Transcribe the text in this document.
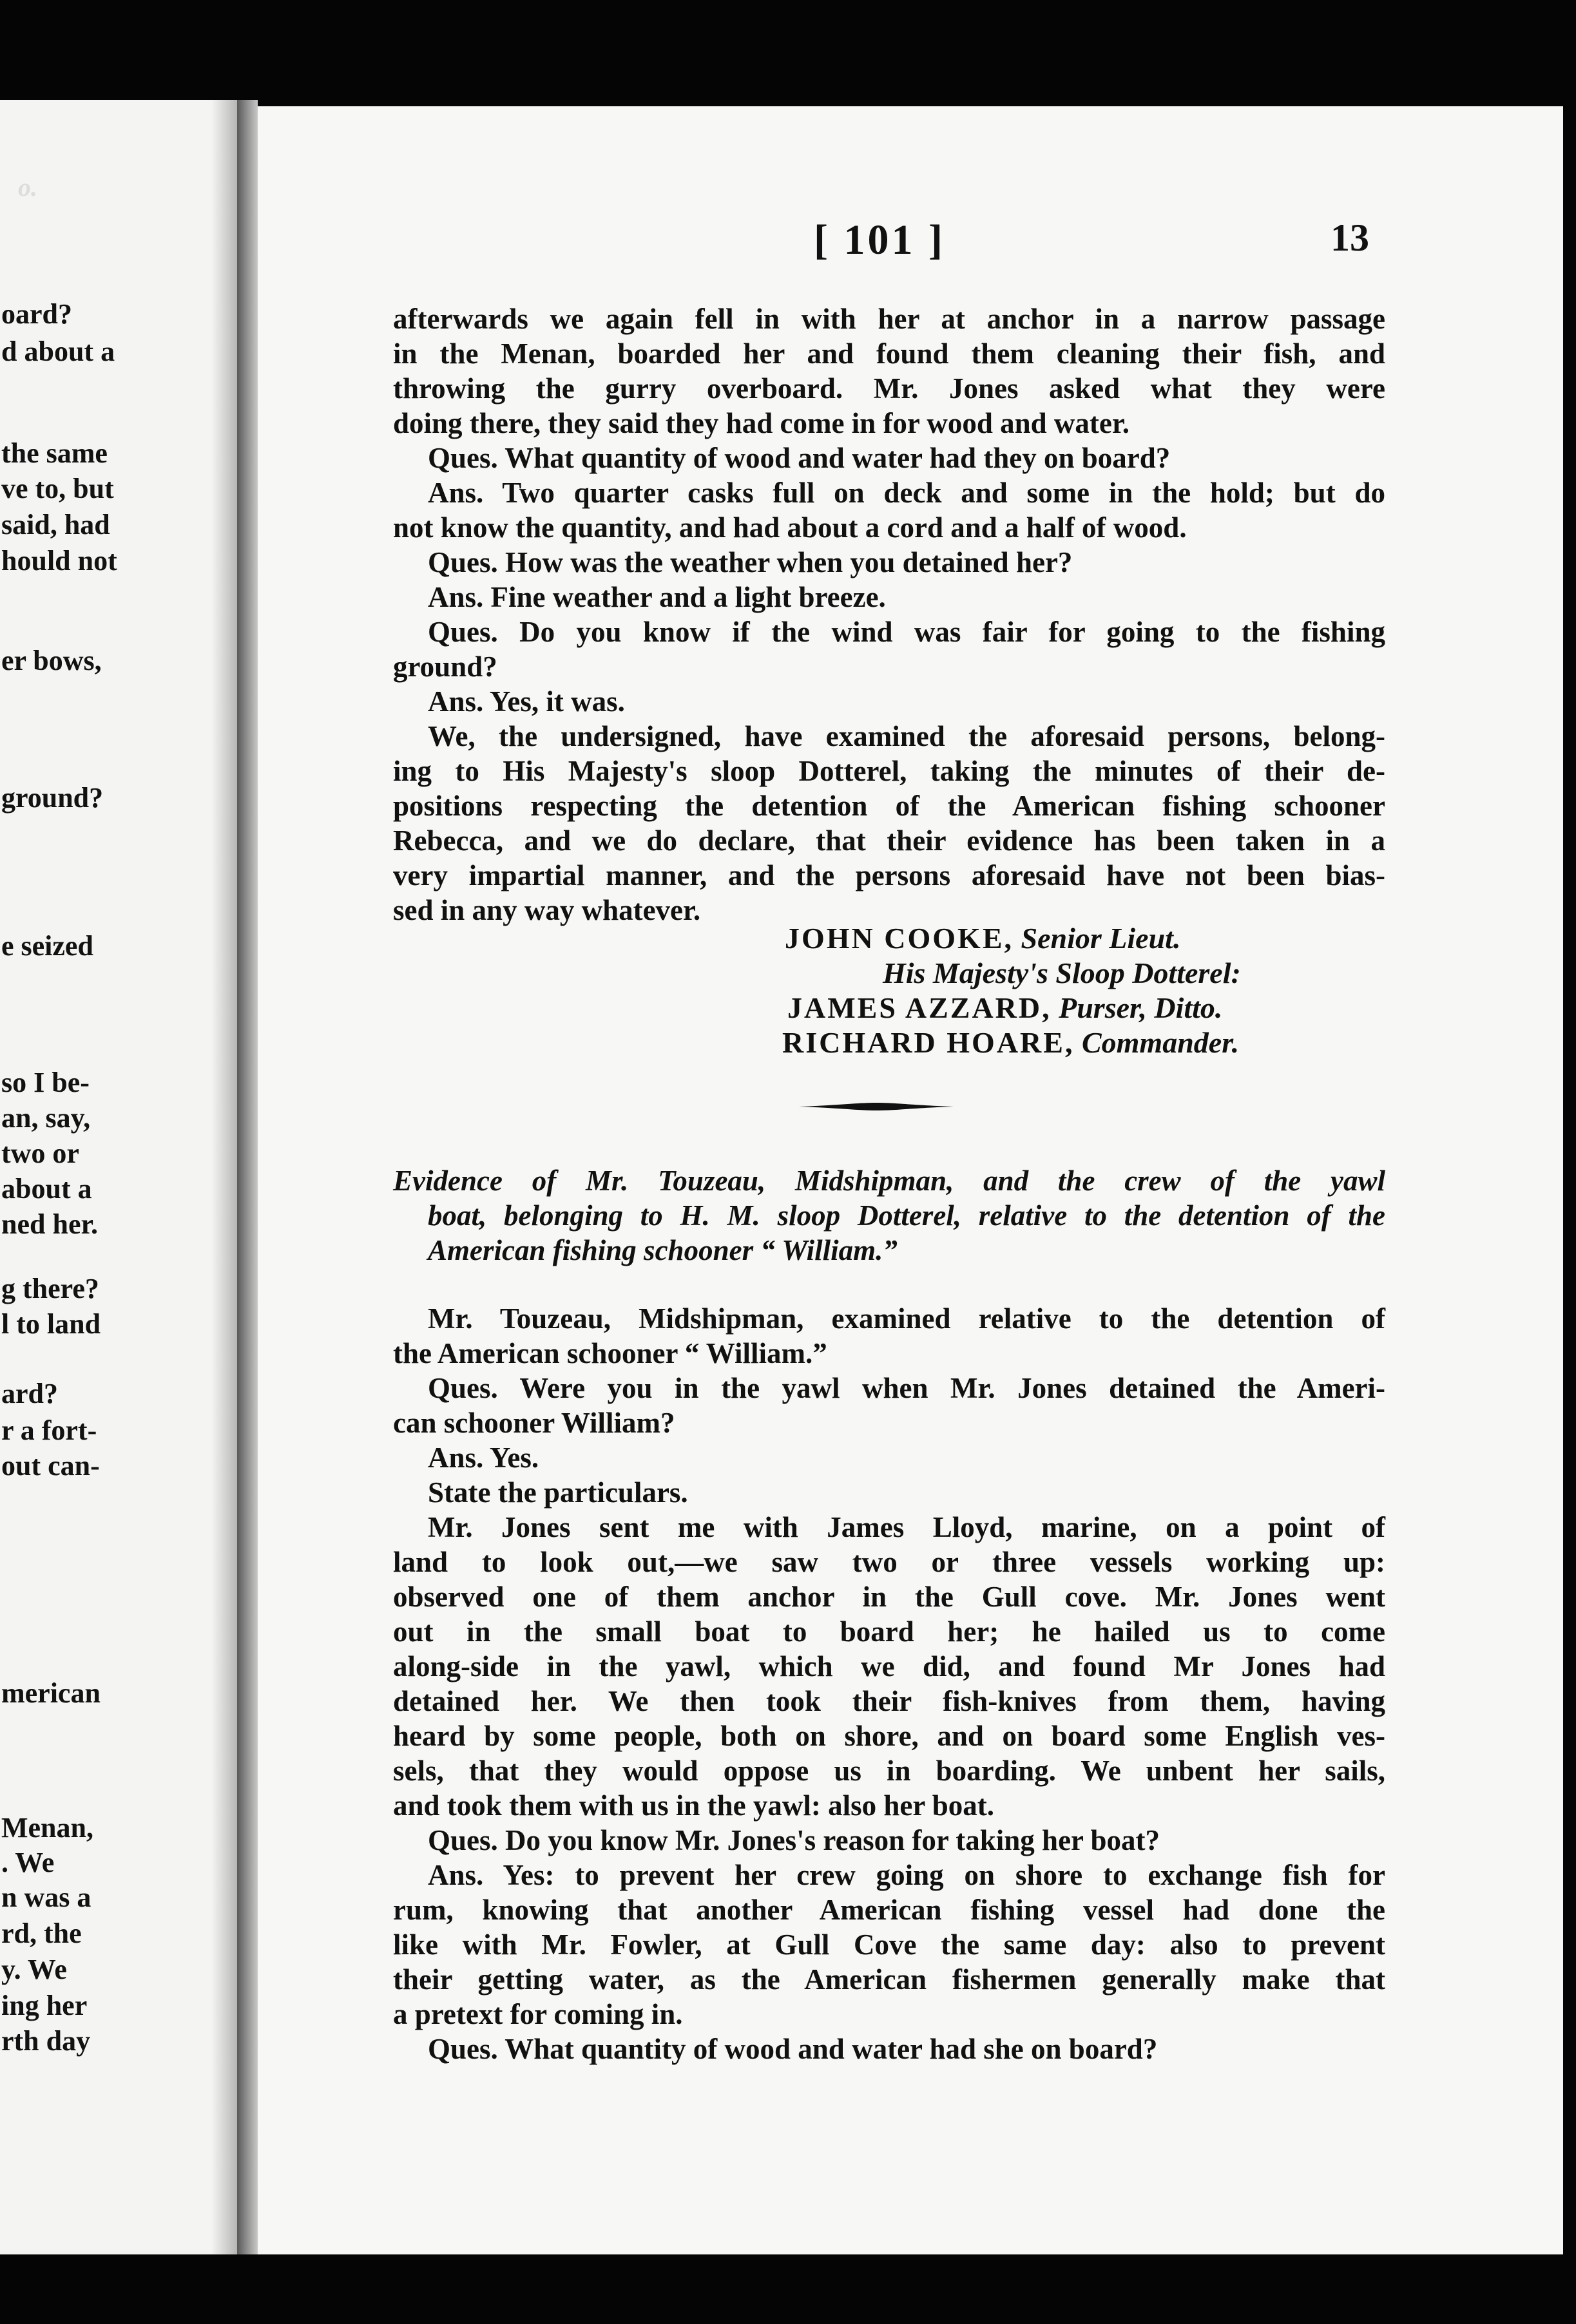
o.
oard?
d about a
the same
ve to, but
said, had
hould not
er bows,
ground?
e seized
so I be-
an, say,
two or
about a
ned her.
g there?
l to land
ard?
r a fort-
out can-
merican
Menan,
. We
n was a
rd, the
y. We
ing her
rth day
[ 101 ]	13
afterwards we again fell in with her at anchor in a narrow passage
in the Menan, boarded her and found them cleaning their fish, and
throwing the gurry overboard. Mr. Jones asked what they were
doing there, they said they had come in for wood and water.
Ques. What quantity of wood and water had they on board?
Ans. Two quarter casks full on deck and some in the hold; but do
not know the quantity, and had about a cord and a half of wood.
Ques. How was the weather when you detained her?
Ans. Fine weather and a light breeze.
Ques. Do you know if the wind was fair for going to the fishing
ground?
Ans. Yes, it was.
We, the undersigned, have examined the aforesaid persons, belong-
ing to His Majesty's sloop Dotterel, taking the minutes of their de-
positions respecting the detention of the American fishing schooner
Rebecca, and we do declare, that their evidence has been taken in a
very impartial manner, and the persons aforesaid have not been bias-
sed in any way whatever.
JOHN COOKE, Senior Lieut.
His Majesty's Sloop Dotterel:
JAMES AZZARD, Purser, Ditto.
RICHARD HOARE, Commander.
Evidence of Mr. Touzeau, Midshipman, and the crew of the yawl
boat, belonging to H. M. sloop Dotterel, relative to the detention of the
American fishing schooner “ William.”
Mr. Touzeau, Midshipman, examined relative to the detention of
the American schooner “ William.”
Ques. Were you in the yawl when Mr. Jones detained the Ameri-
can schooner William?
Ans. Yes.
State the particulars.
Mr. Jones sent me with James Lloyd, marine, on a point of
land to look out,—we saw two or three vessels working up:
observed one of them anchor in the Gull cove. Mr. Jones went
out in the small boat to board her; he hailed us to come
along-side in the yawl, which we did, and found Mr Jones had
detained her. We then took their fish-knives from them, having
heard by some people, both on shore, and on board some English ves-
sels, that they would oppose us in boarding. We unbent her sails,
and took them with us in the yawl: also her boat.
Ques. Do you know Mr. Jones's reason for taking her boat?
Ans. Yes: to prevent her crew going on shore to exchange fish for
rum, knowing that another American fishing vessel had done the
like with Mr. Fowler, at Gull Cove the same day: also to prevent
their getting water, as the American fishermen generally make that
a pretext for coming in.
Ques. What quantity of wood and water had she on board?
